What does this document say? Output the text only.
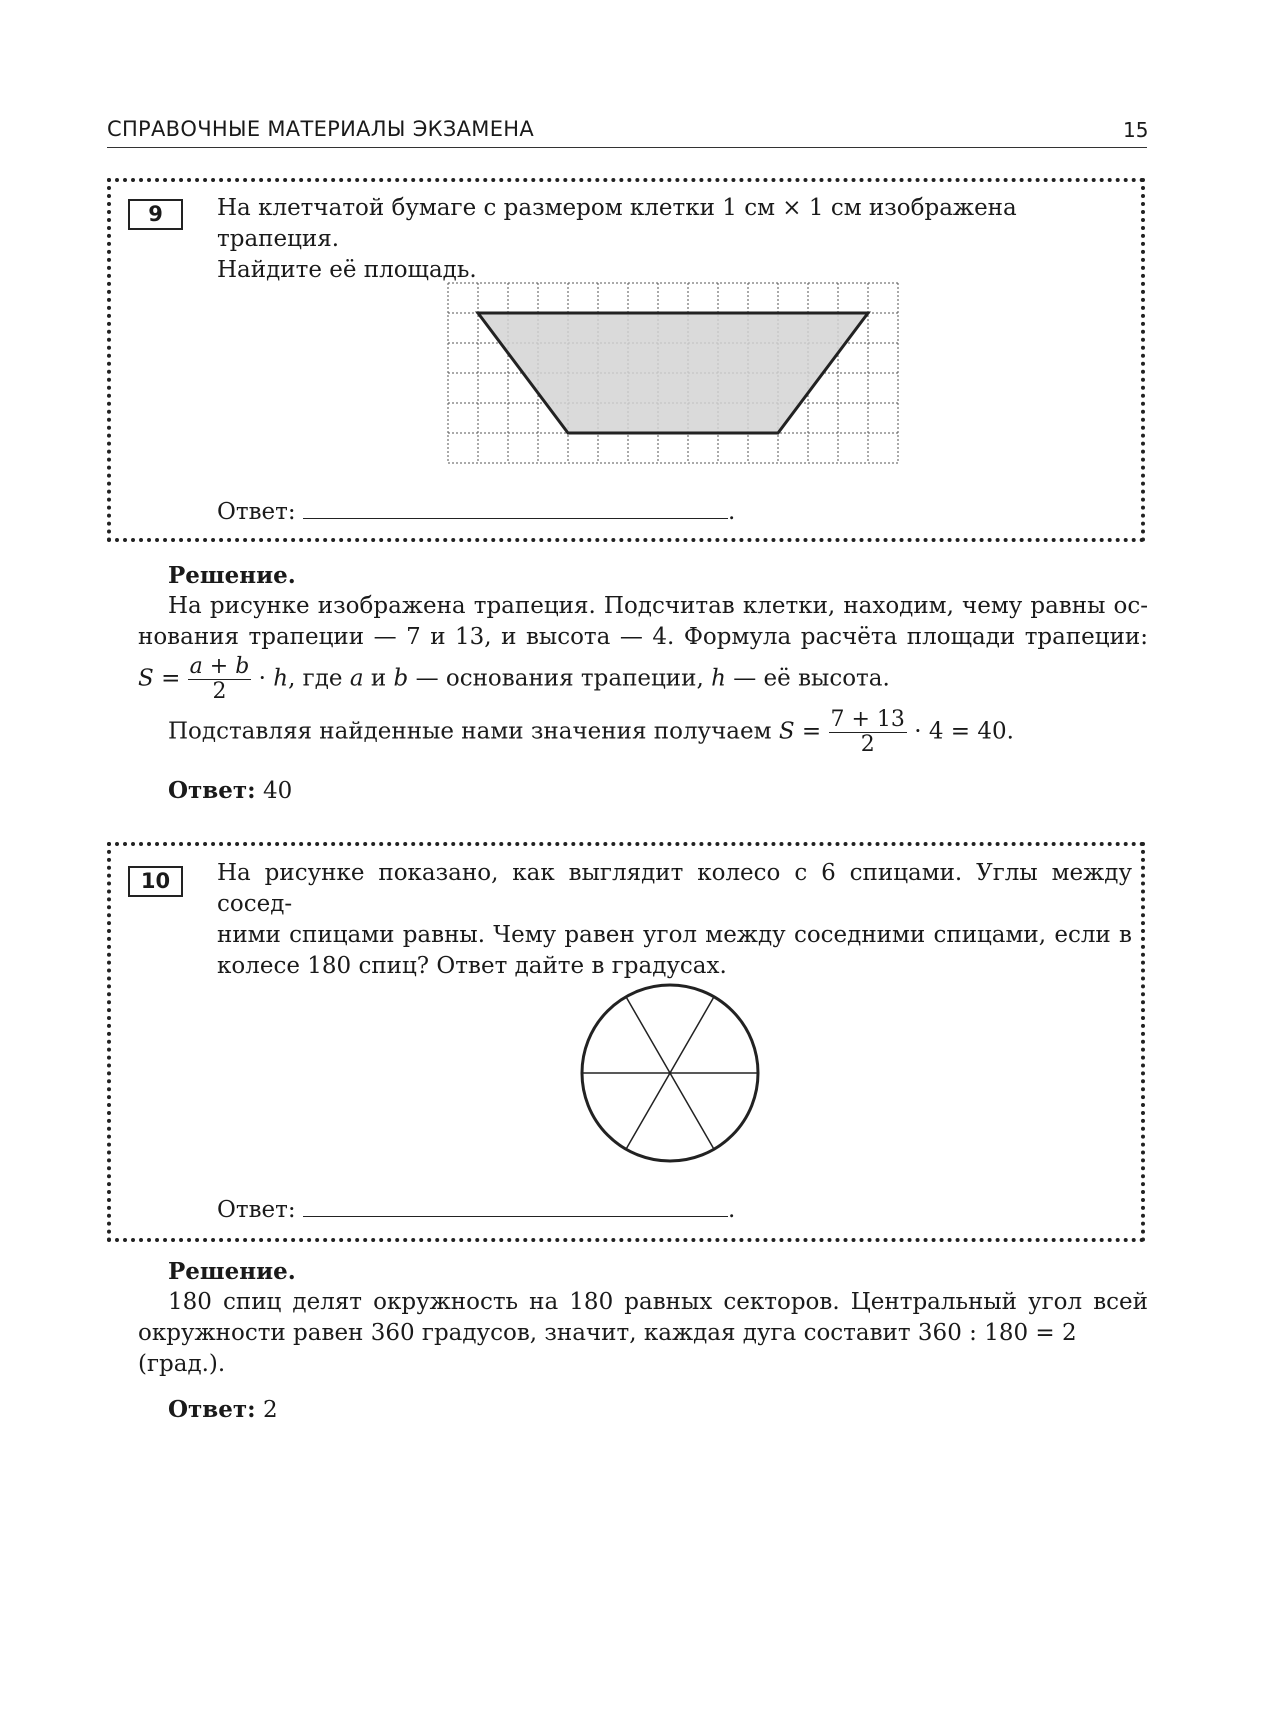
СПРАВОЧНЫЕ МАТЕРИАЛЫ ЭКЗАМЕНА	15
9	На клетчатой бумаге с размером клетки 1 см × 1 см изображена трапеция.
Найдите её площадь.
Ответ:	.
Решение.
На рисунке изображена трапеция. Подсчитав клетки, находим, чему равны ос-
нования трапеции — 7 и 13, и высота — 4. Формула расчёта площади трапеции:
$S = \frac{a + b}{2} \cdot h$, где a и b — основания трапеции, h — её высота.
Подставляя найденные нами значения получаем $S = \frac{7 + 13}{2} \cdot 4 = 40$.
Ответ: 40
10	На рисунке показано, как выглядит колесо с 6 спицами. Углы между сосед-
ними спицами равны. Чему равен угол между соседними спицами, если в
колесе 180 спиц? Ответ дайте в градусах.
Ответ:	.
Решение.
180 спиц делят окружность на 180 равных секторов. Центральный угол всей
окружности равен 360 градусов, значит, каждая дуга составит 360 : 180 = 2 (град.).
Ответ: 2
